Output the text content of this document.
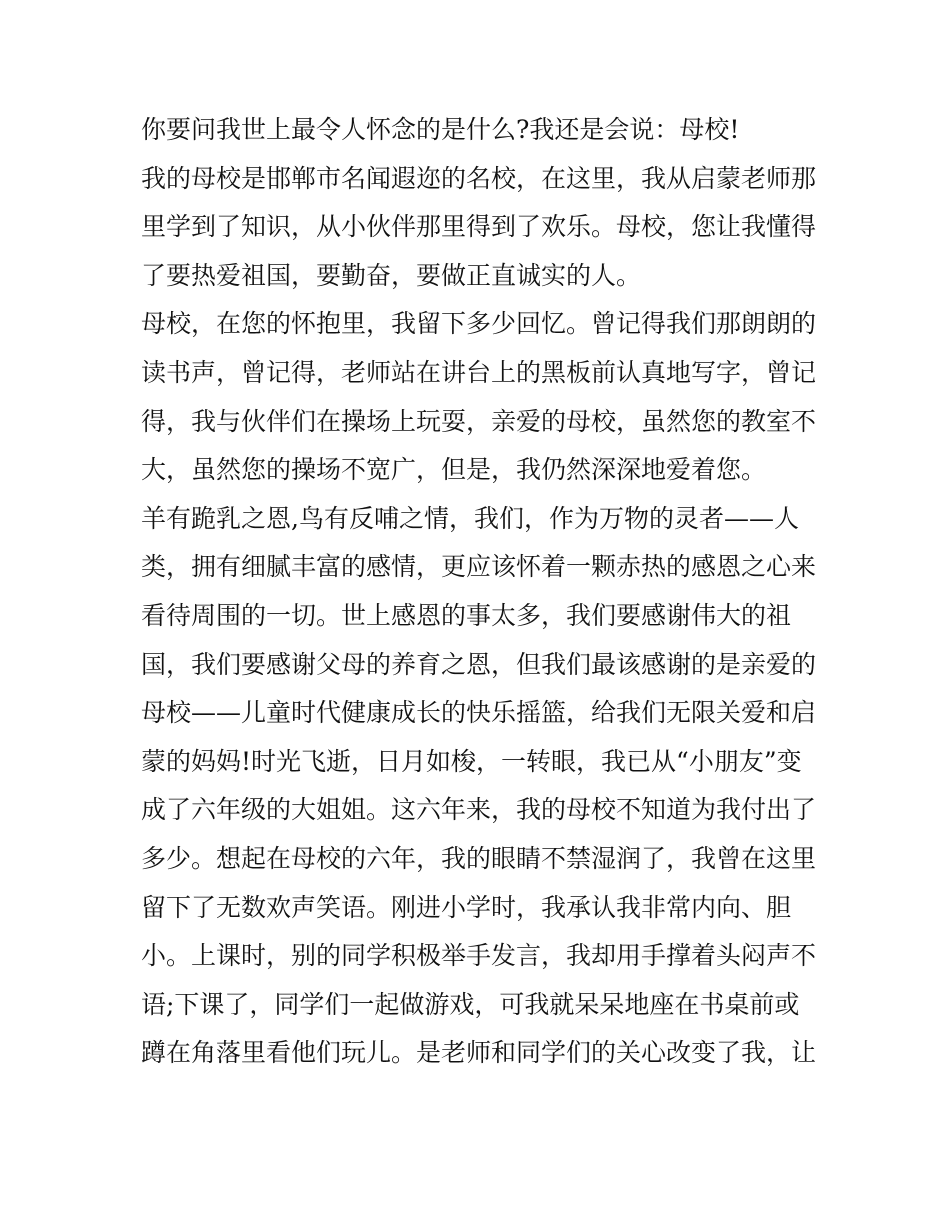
你要问我世上最令人怀念的是什么?我还是会说：母校!
我的母校是邯郸市名闻遐迩的名校，在这里，我从启蒙老师那
里学到了知识，从小伙伴那里得到了欢乐。母校，您让我懂得
了要热爱祖国，要勤奋，要做正直诚实的人。
母校，在您的怀抱里，我留下多少回忆。曾记得我们那朗朗的
读书声，曾记得，老师站在讲台上的黑板前认真地写字，曾记
得，我与伙伴们在操场上玩耍，亲爱的母校，虽然您的教室不
大，虽然您的操场不宽广，但是，我仍然深深地爱着您。
羊有跪乳之恩,鸟有反哺之情，我们，作为万物的灵者——人
类，拥有细腻丰富的感情，更应该怀着一颗赤热的感恩之心来
看待周围的一切。世上感恩的事太多，我们要感谢伟大的祖
国，我们要感谢父母的养育之恩，但我们最该感谢的是亲爱的
母校——儿童时代健康成长的快乐摇篮，给我们无限关爱和启
蒙的妈妈!时光飞逝，日月如梭，一转眼，我已从“小朋友”变
成了六年级的大姐姐。这六年来，我的母校不知道为我付出了
多少。想起在母校的六年，我的眼睛不禁湿润了，我曾在这里
留下了无数欢声笑语。刚进小学时，我承认我非常内向、胆
小。上课时，别的同学积极举手发言，我却用手撑着头闷声不
语;下课了，同学们一起做游戏，可我就呆呆地座在书桌前或
蹲在角落里看他们玩儿。是老师和同学们的关心改变了我，让
